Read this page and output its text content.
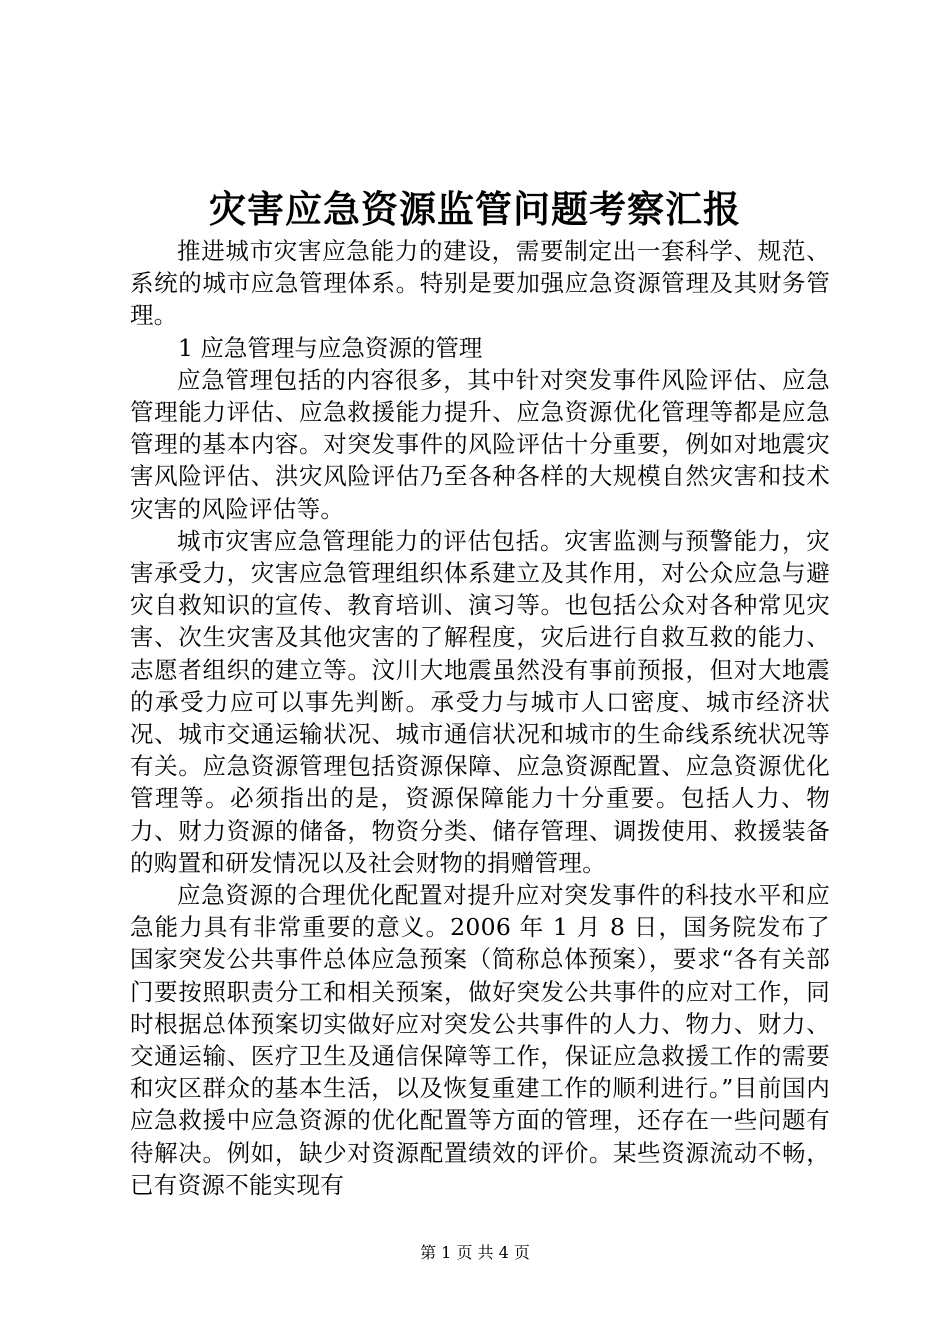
灾害应急资源监管问题考察汇报

推进城市灾害应急能力的建设，需要制定出一套科学、规范、系统的城市应急管理体系。特别是要加强应急资源管理及其财务管理。

1 应急管理与应急资源的管理

应急管理包括的内容很多，其中针对突发事件风险评估、应急管理能力评估、应急救援能力提升、应急资源优化管理等都是应急管理的基本内容。对突发事件的风险评估十分重要，例如对地震灾害风险评估、洪灾风险评估乃至各种各样的大规模自然灾害和技术灾害的风险评估等。

城市灾害应急管理能力的评估包括。灾害监测与预警能力，灾害承受力，灾害应急管理组织体系建立及其作用，对公众应急与避灾自救知识的宣传、教育培训、演习等。也包括公众对各种常见灾害、次生灾害及其他灾害的了解程度，灾后进行自救互救的能力、志愿者组织的建立等。汶川大地震虽然没有事前预报，但对大地震的承受力应可以事先判断。承受力与城市人口密度、城市经济状况、城市交通运输状况、城市通信状况和城市的生命线系统状况等有关。应急资源管理包括资源保障、应急资源配置、应急资源优化管理等。必须指出的是，资源保障能力十分重要。包括人力、物力、财力资源的储备，物资分类、储存管理、调拨使用、救援装备的购置和研发情况以及社会财物的捐赠管理。

应急资源的合理优化配置对提升应对突发事件的科技水平和应急能力具有非常重要的意义。2006 年 1 月 8 日，国务院发布了国家突发公共事件总体应急预案（简称总体预案），要求“各有关部门要按照职责分工和相关预案，做好突发公共事件的应对工作，同时根据总体预案切实做好应对突发公共事件的人力、物力、财力、交通运输、医疗卫生及通信保障等工作，保证应急救援工作的需要和灾区群众的基本生活，以及恢复重建工作的顺利进行。”目前国内应急救援中应急资源的优化配置等方面的管理，还存在一些问题有待解决。例如，缺少对资源配置绩效的评价。某些资源流动不畅，已有资源不能实现有

第 1 页 共 4 页
